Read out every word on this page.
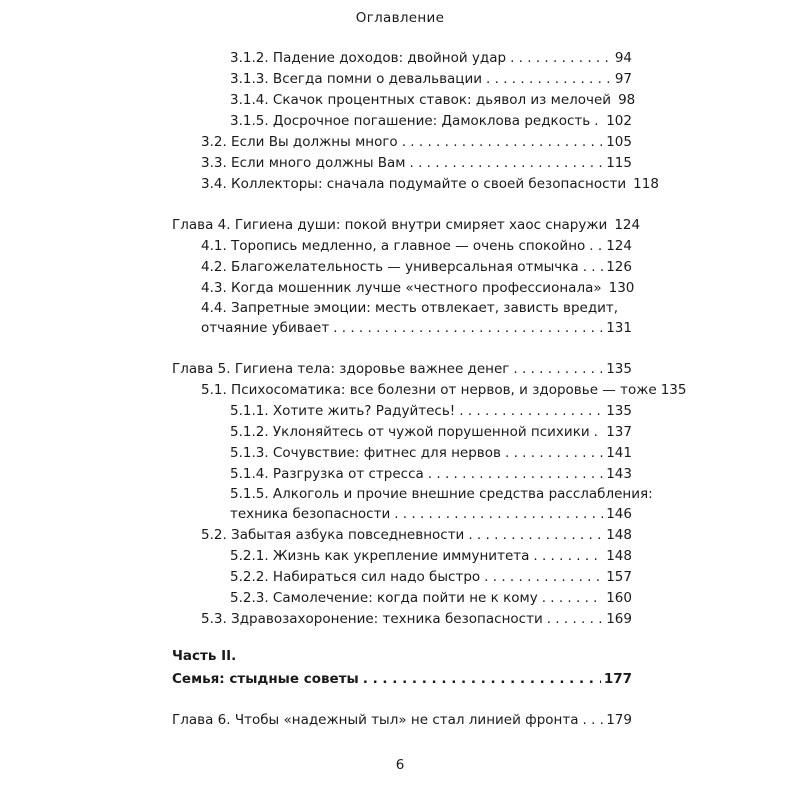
Оглавление
3.1.2. Падение доходов: двойной удар . . .	94
3.1.3. Всегда помни о девальвации . . .	97
3.1.4. Скачок процентных ставок: дьявол из мелочей 98
3.1.5. Досрочное погашение: Дамоклова редкость . . . 102
3.2. Если Вы должны много . . .	105
3.3. Если много должны Вам . . .	115
3.4. Коллекторы: сначала подумайте о своей безопасности 118
Глава 4. Гигиена души: покой внутри смиряет хаос снаружи 124
4.1. Торопись медленно, а главное — очень спокойно . . . 124
4.2. Благожелательность — универсальная отмычка . . . 126
4.3. Когда мошенник лучше «честного профессионала» 130
4.4. Запретные эмоции: месть отвлекает, зависть вредит,
отчаяние убивает . . .	131
Глава 5. Гигиена тела: здоровье важнее денег . . .	135
5.1. Психосоматика: все болезни от нервов, и здоровье — тоже 135
5.1.1. Хотите жить? Радуйтесь! . . .	135
5.1.2. Уклоняйтесь от чужой порушенной психики . . . 137
5.1.3. Сочувствие: фитнес для нервов . . .	141
5.1.4. Разгрузка от стресса . . .	143
5.1.5. Алкоголь и прочие внешние средства расслабления:
техника безопасности . . .	146
5.2. Забытая азбука повседневности . . .	148
5.2.1. Жизнь как укрепление иммунитета . . .	148
5.2.2. Набираться сил надо быстро . . .	157
5.2.3. Самолечение: когда пойти не к кому . . .	160
5.3. Здравозахоронение: техника безопасности . . .	169
Часть II.
Семья: стыдные советы . . .	177
Глава 6. Чтобы «надежный тыл» не стал линией фронта . . . 179
6
